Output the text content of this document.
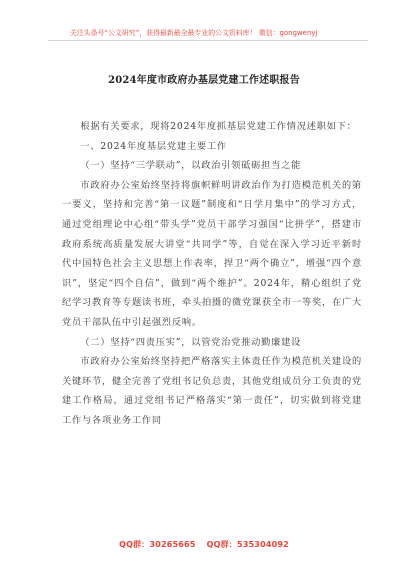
关注头条号“公文研究”，获得最新最全最专业的公文资料库！ 微信：gongwenyj
2024年度市政府办基层党建工作述职报告

根据有关要求，现将2024年度抓基层党建工作情况述职如下：

一、2024年度基层党建主要工作

（一）坚持“三学联动”，以政治引领砥砺担当之能

市政府办公室始终坚持将旗帜鲜明讲政治作为打造模范机关的第一要义，坚持和完善“第一议题”制度和“日学月集中”的学习方式，通过党组理论中心组“带头学”党员干部学习强国“比拼学”，搭建市政府系统高质量发展大讲堂“共同学”等，自觉在深入学习近平新时代中国特色社会主义思想上作表率，捍卫“两个确立”，增强“四个意识”，坚定“四个自信”，做到“两个维护”。2024年，精心组织了党纪学习教育等专题读书班，牵头拍摄的微党课获全市一等奖，在广大党员干部队伍中引起强烈反响。

（二）坚持“四责压实”，以管党治党推动勤廉建设

市政府办公室始终坚持把严格落实主体责任作为模范机关建设的关键环节，健全完善了党组书记负总责，其他党组成员分工负责的党建工作格局，通过党组书记严格落实“第一责任”，切实做到将党建工作与各项业务工作同

QQ群：30265665 QQ群：535304092
